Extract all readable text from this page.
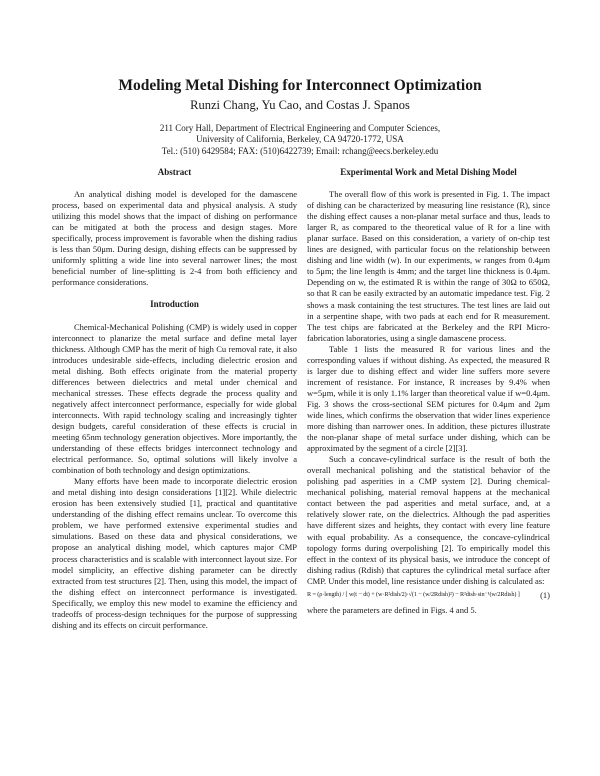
Modeling Metal Dishing for Interconnect Optimization
Runzi Chang, Yu Cao, and Costas J. Spanos
211 Cory Hall, Department of Electrical Engineering and Computer Sciences,
University of California, Berkeley, CA 94720-1772, USA
Tel.: (510) 6429584; FAX: (510)6422739; Email: rchang@eecs.berkeley.edu
Abstract

An analytical dishing model is developed for the damascene process, based on experimental data and physical analysis. A study utilizing this model shows that the impact of dishing on performance can be mitigated at both the process and design stages. More specifically, process improvement is favorable when the dishing radius is less than 50μm. During design, dishing effects can be suppressed by uniformly splitting a wide line into several narrower lines; the most beneficial number of line-splitting is 2-4 from both efficiency and performance considerations.

Introduction

Chemical-Mechanical Polishing (CMP) is widely used in copper interconnect to planarize the metal surface and define metal layer thickness. Although CMP has the merit of high Cu removal rate, it also introduces undesirable side-effects, including dielectric erosion and metal dishing. Both effects originate from the material property differences between dielectrics and metal under chemical and mechanical stresses. These effects degrade the process quality and negatively affect interconnect performance, especially for wide global interconnects. With rapid technology scaling and increasingly tighter design budgets, careful consideration of these effects is crucial in meeting 65nm technology generation objectives. More importantly, the understanding of these effects bridges interconnect technology and electrical performance. So, optimal solutions will likely involve a combination of both technology and design optimizations.

Many efforts have been made to incorporate dielectric erosion and metal dishing into design considerations [1][2]. While dielectric erosion has been extensively studied [1], practical and quantitative understanding of the dishing effect remains unclear. To overcome this problem, we have performed extensive experimental studies and simulations. Based on these data and physical considerations, we propose an analytical dishing model, which captures major CMP process characteristics and is scalable with interconnect layout size. For model simplicity, an effective dishing parameter can be directly extracted from test structures [2]. Then, using this model, the impact of the dishing effect on interconnect performance is investigated. Specifically, we employ this new model to examine the efficiency and tradeoffs of process-design techniques for the purpose of suppressing dishing and its effects on circuit performance.

Experimental Work and Metal Dishing Model

The overall flow of this work is presented in Fig. 1. The impact of dishing can be characterized by measuring line resistance (R), since the dishing effect causes a non-planar metal surface and thus, leads to larger R, as compared to the theoretical value of R for a line with planar surface. Based on this consideration, a variety of on-chip test lines are designed, with particular focus on the relationship between dishing and line width (w). In our experiments, w ranges from 0.4μm to 5μm; the line length is 4mm; and the target line thickness is 0.4μm. Depending on w, the estimated R is within the range of 30Ω to 650Ω, so that R can be easily extracted by an automatic impedance test. Fig. 2 shows a mask containing the test structures. The test lines are laid out in a serpentine shape, with two pads at each end for R measurement. The test chips are fabricated at the Berkeley and the RPI Micro-fabrication laboratories, using a single damascene process.

Table 1 lists the measured R for various lines and the corresponding values if without dishing. As expected, the measured R is larger due to dishing effect and wider line suffers more severe increment of resistance. For instance, R increases by 9.4% when w=5μm, while it is only 1.1% larger than theoretical value if w=0.4μm. Fig. 3 shows the cross-sectional SEM pictures for 0.4μm and 2μm wide lines, which confirms the observation that wider lines experience more dishing than narrower ones. In addition, these pictures illustrate the non-planar shape of metal surface under dishing, which can be approximated by the segment of a circle [2][3].

Such a concave-cylindrical surface is the result of both the overall mechanical polishing and the statistical behavior of the polishing pad asperities in a CMP system [2]. During chemical-mechanical polishing, material removal happens at the mechanical contact between the pad asperities and metal surface, and, at a relatively slower rate, on the dielectrics. Although the pad asperities have different sizes and heights, they contact with every line feature with equal probability. As a consequence, the concave-cylindrical topology forms during overpolishing [2]. To empirically model this effect in the context of its physical basis, we introduce the concept of dishing radius (Rdish) that captures the cylindrical metal surface after CMP. Under this model, line resistance under dishing is calculated as:

R = (ρ·length) / [ w(t − dt) + (w·R²dish/2)·√(1 − (w/2Rdish)²) − R²dish·sin⁻¹(w/2Rdish) ] (1)

where the parameters are defined in Figs. 4 and 5.
